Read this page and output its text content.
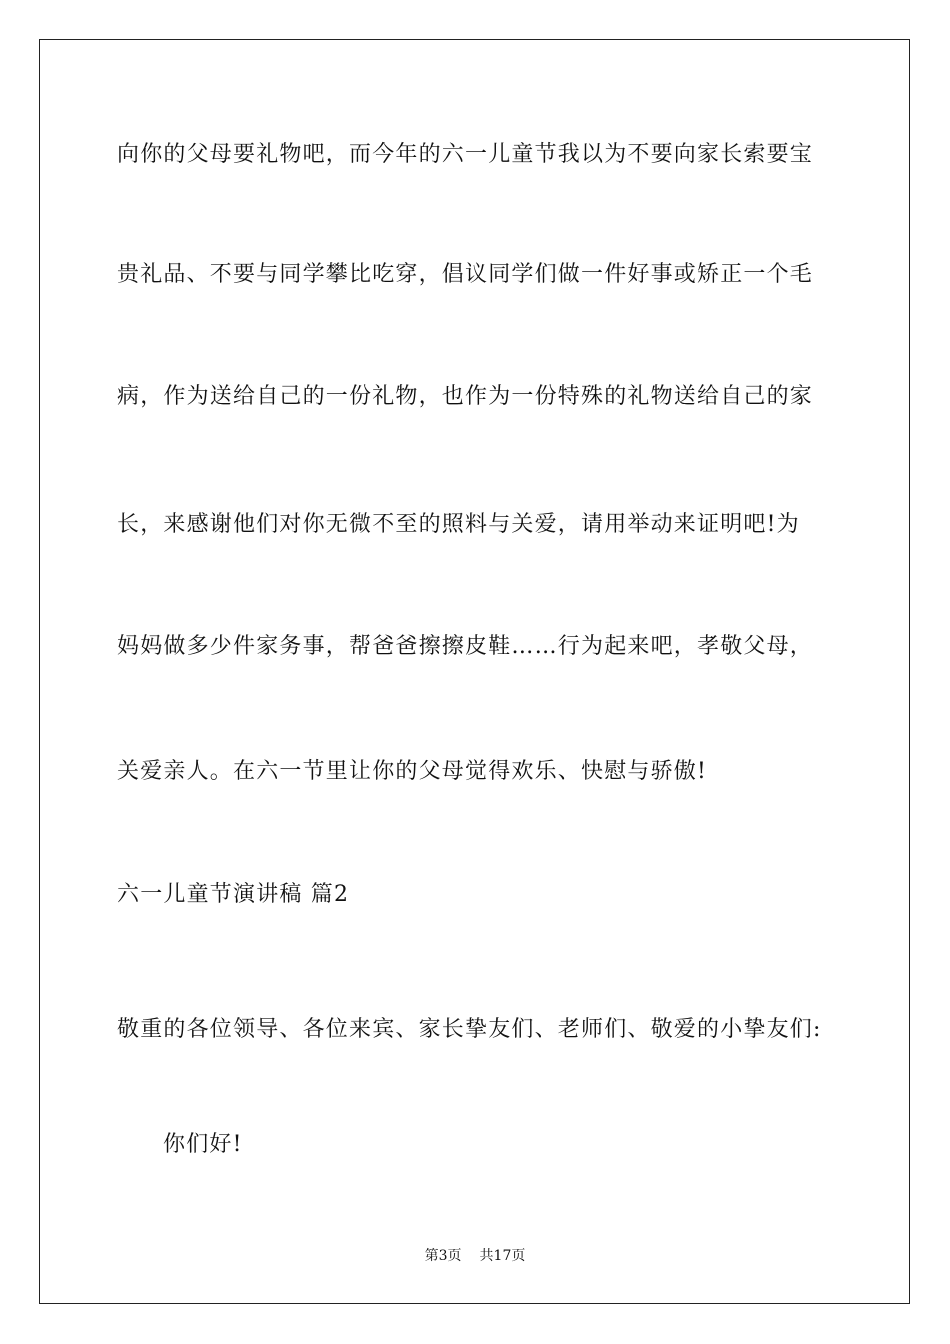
向你的父母要礼物吧，而今年的六一儿童节我以为不要向家长索要宝
贵礼品、不要与同学攀比吃穿，倡议同学们做一件好事或矫正一个毛
病，作为送给自己的一份礼物，也作为一份特殊的礼物送给自己的家
长，来感谢他们对你无微不至的照料与关爱，请用举动来证明吧!为
妈妈做多少件家务事，帮爸爸擦擦皮鞋……行为起来吧，孝敬父母，
关爱亲人。在六一节里让你的父母觉得欢乐、快慰与骄傲!
六一儿童节演讲稿 篇2
敬重的各位领导、各位来宾、家长挚友们、老师们、敬爱的小挚友们:
你们好!
第3页 共17页
